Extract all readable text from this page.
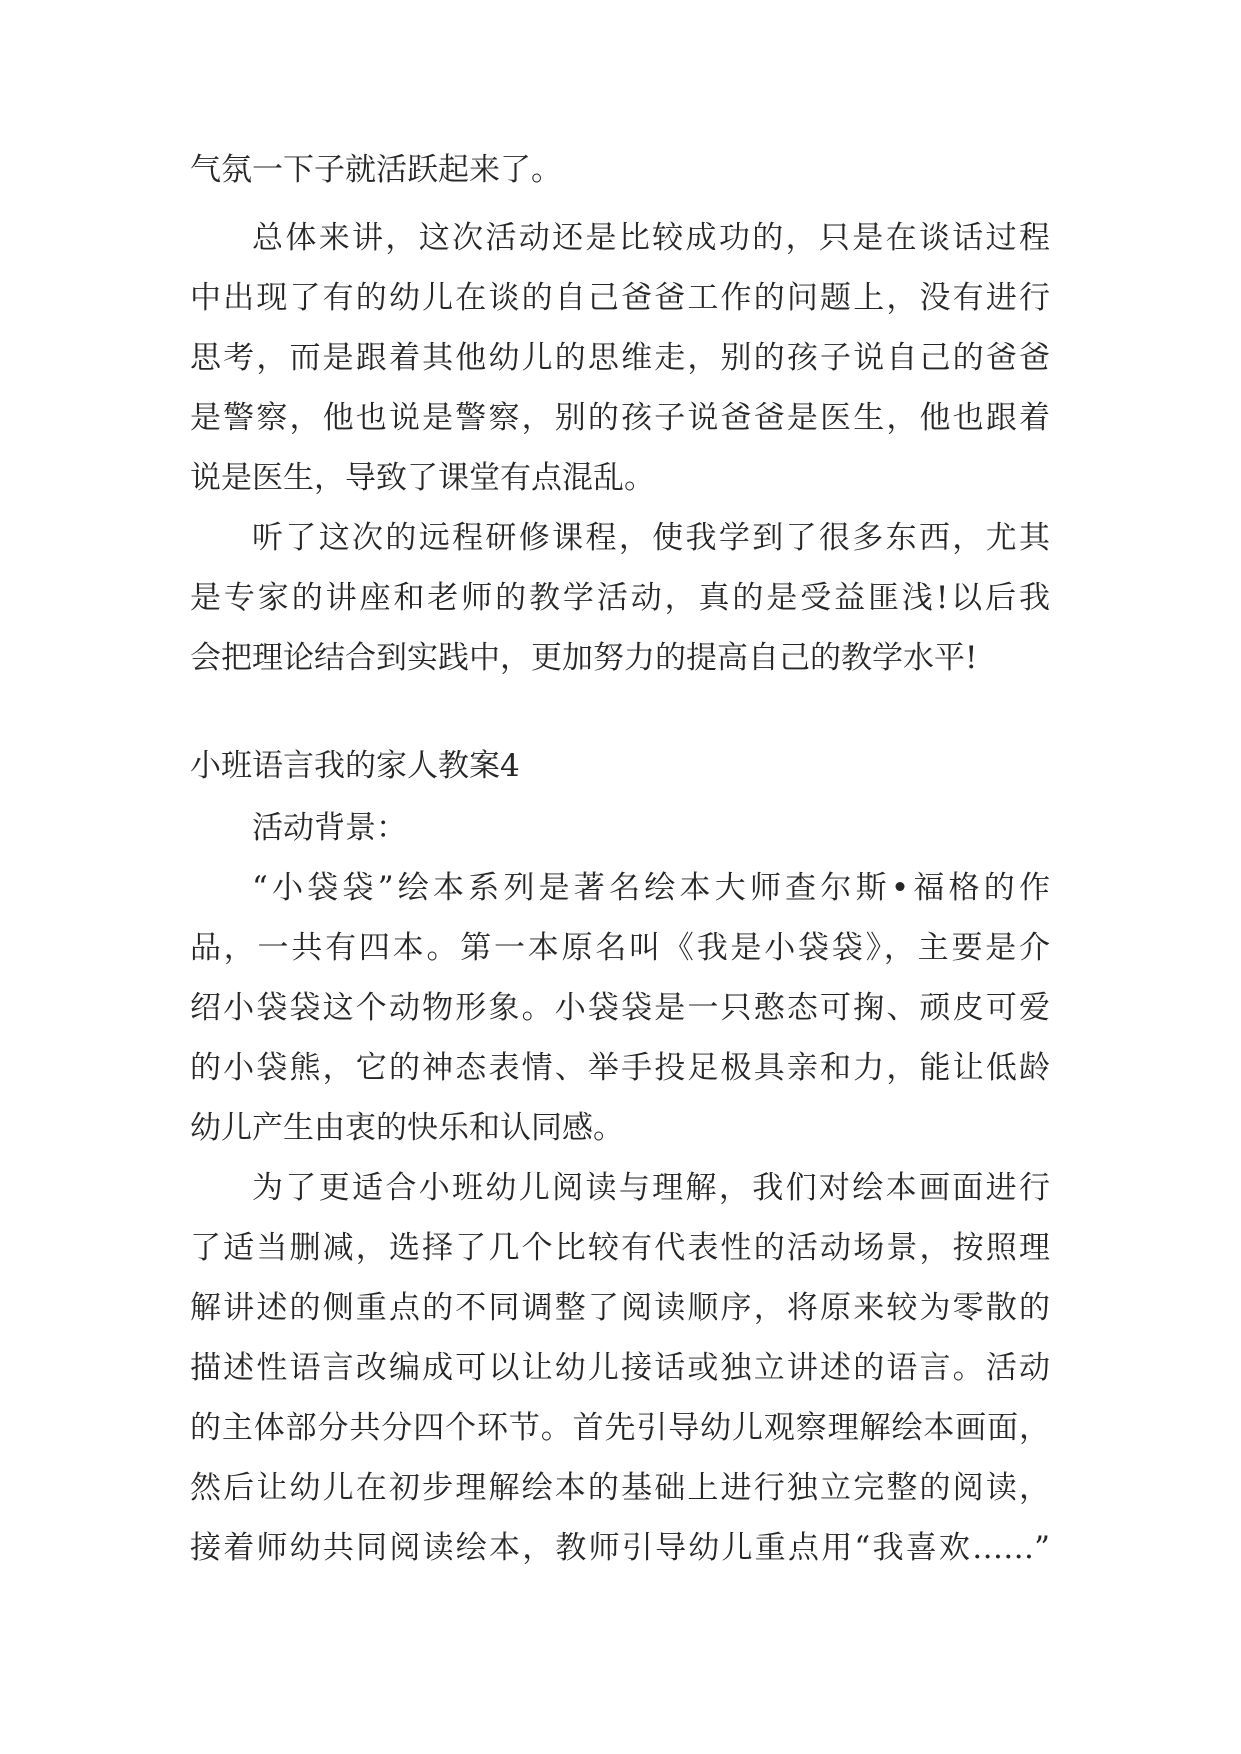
气氛一下子就活跃起来了。

总体来讲，这次活动还是比较成功的，只是在谈话过程

中出现了有的幼儿在谈的自己爸爸工作的问题上，没有进行

思考，而是跟着其他幼儿的思维走，别的孩子说自己的爸爸

是警察，他也说是警察，别的孩子说爸爸是医生，他也跟着

说是医生，导致了课堂有点混乱。

听了这次的远程研修课程，使我学到了很多东西，尤其

是专家的讲座和老师的教学活动，真的是受益匪浅!以后我

会把理论结合到实践中，更加努力的提高自己的教学水平!

小班语言我的家人教案4

活动背景：

“小袋袋”绘本系列是著名绘本大师查尔斯•福格的作

品，一共有四本。第一本原名叫《我是小袋袋》，主要是介

绍小袋袋这个动物形象。小袋袋是一只憨态可掬、顽皮可爱

的小袋熊，它的神态表情、举手投足极具亲和力，能让低龄

幼儿产生由衷的快乐和认同感。

为了更适合小班幼儿阅读与理解，我们对绘本画面进行

了适当删减，选择了几个比较有代表性的活动场景，按照理

解讲述的侧重点的不同调整了阅读顺序，将原来较为零散的

描述性语言改编成可以让幼儿接话或独立讲述的语言。活动

的主体部分共分四个环节。首先引导幼儿观察理解绘本画面，

然后让幼儿在初步理解绘本的基础上进行独立完整的阅读，

接着师幼共同阅读绘本，教师引导幼儿重点用“我喜欢……”
